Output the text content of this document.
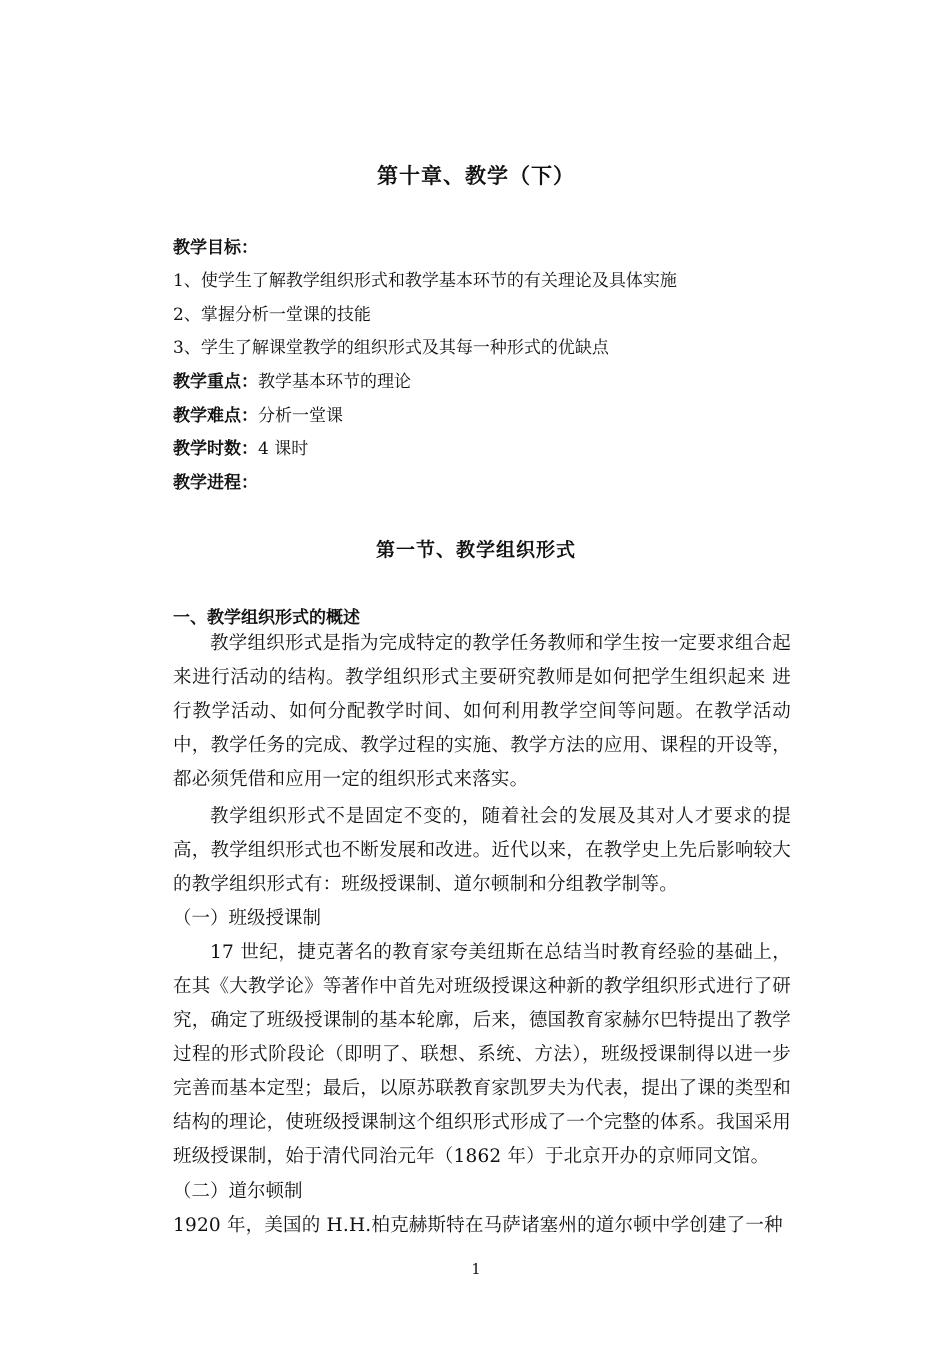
第十章、教学（下）
教学目标：
1、使学生了解教学组织形式和教学基本环节的有关理论及具体实施
2、掌握分析一堂课的技能
3、学生了解课堂教学的组织形式及其每一种形式的优缺点
教学重点：教学基本环节的理论
教学难点：分析一堂课
教学时数：4 课时
教学进程：
第一节、教学组织形式
一、教学组织形式的概述
教学组织形式是指为完成特定的教学任务教师和学生按一定要求组合起来进行活动的结构。教学组织形式主要研究教师是如何把学生组织起来 进行教学活动、如何分配教学时间、如何利用教学空间等问题。在教学活动中，教学任务的完成、教学过程的实施、教学方法的应用、课程的开设等，都必须凭借和应用一定的组织形式来落实。
教学组织形式不是固定不变的，随着社会的发展及其对人才要求的提高，教学组织形式也不断发展和改进。近代以来，在教学史上先后影响较大的教学组织形式有：班级授课制、道尔顿制和分组教学制等。
（一）班级授课制
17 世纪，捷克著名的教育家夸美纽斯在总结当时教育经验的基础上，在其《大教学论》等著作中首先对班级授课这种新的教学组织形式进行了研究，确定了班级授课制的基本轮廓，后来，德国教育家赫尔巴特提出了教学过程的形式阶段论（即明了、联想、系统、方法），班级授课制得以进一步完善而基本定型；最后，以原苏联教育家凯罗夫为代表，提出了课的类型和结构的理论，使班级授课制这个组织形式形成了一个完整的体系。我国采用班级授课制，始于清代同治元年（1862 年）于北京开办的京师同文馆。
（二）道尔顿制
1920 年，美国的 H.H.柏克赫斯特在马萨诸塞州的道尔顿中学创建了一种
1
